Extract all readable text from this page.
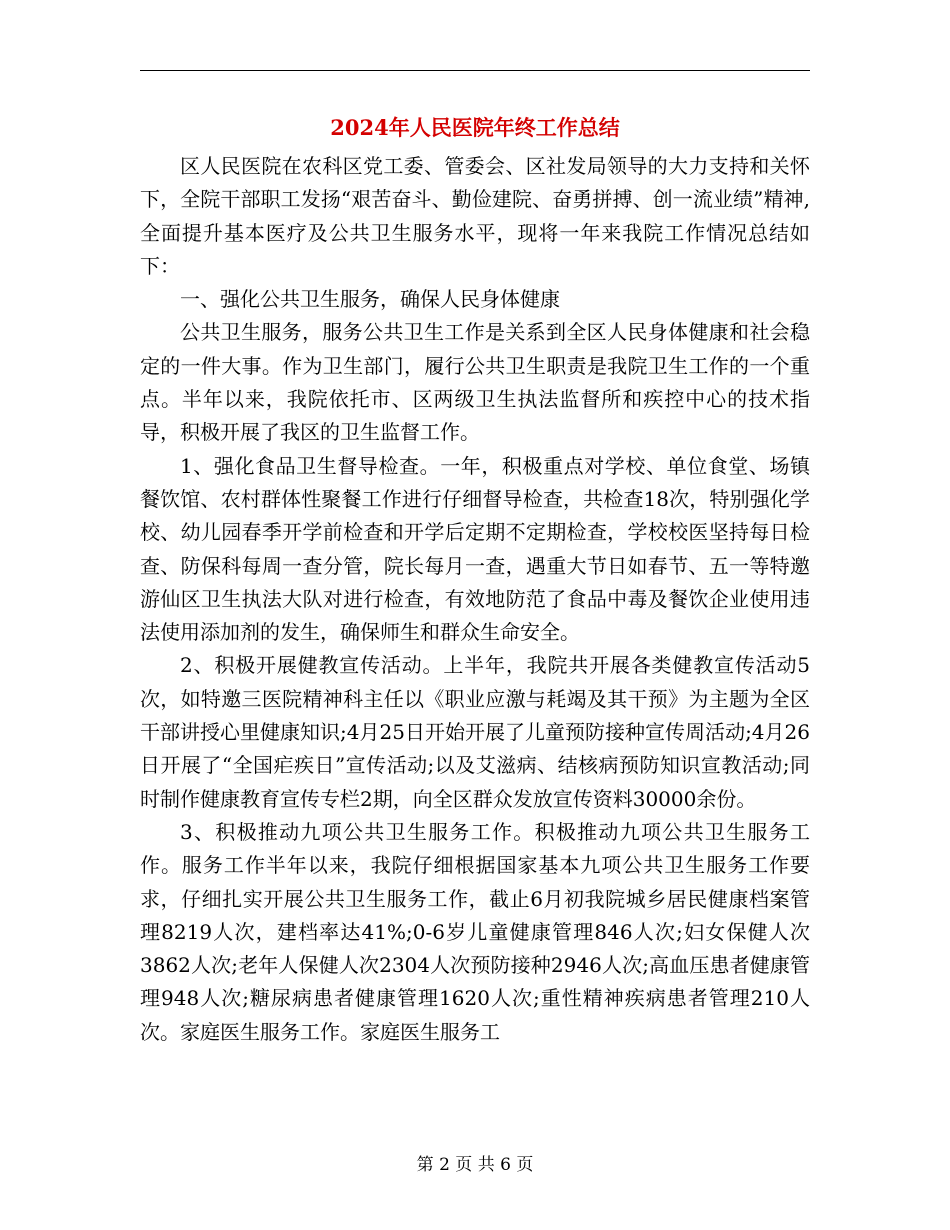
2024年人民医院年终工作总结

区人民医院在农科区党工委、管委会、区社发局领导的大力支持和关怀下，全院干部职工发扬“艰苦奋斗、勤俭建院、奋勇拼搏、创一流业绩”精神,全面提升基本医疗及公共卫生服务水平，现将一年来我院工作情况总结如下：

一、强化公共卫生服务，确保人民身体健康

公共卫生服务，服务公共卫生工作是关系到全区人民身体健康和社会稳定的一件大事。作为卫生部门，履行公共卫生职责是我院卫生工作的一个重点。半年以来，我院依托市、区两级卫生执法监督所和疾控中心的技术指导，积极开展了我区的卫生监督工作。

1、强化食品卫生督导检查。一年，积极重点对学校、单位食堂、场镇餐饮馆、农村群体性聚餐工作进行仔细督导检查，共检查18次，特别强化学校、幼儿园春季开学前检查和开学后定期不定期检查，学校校医坚持每日检查、防保科每周一查分管，院长每月一查，遇重大节日如春节、五一等特邀游仙区卫生执法大队对进行检查，有效地防范了食品中毒及餐饮企业使用违法使用添加剂的发生，确保师生和群众生命安全。

2、积极开展健教宣传活动。上半年，我院共开展各类健教宣传活动5次，如特邀三医院精神科主任以《职业应激与耗竭及其干预》为主题为全区干部讲授心里健康知识;4月25日开始开展了儿童预防接种宣传周活动;4月26日开展了“全国疟疾日”宣传活动;以及艾滋病、结核病预防知识宣教活动;同时制作健康教育宣传专栏2期，向全区群众发放宣传资料30000余份。

3、积极推动九项公共卫生服务工作。积极推动九项公共卫生服务工作。服务工作半年以来，我院仔细根据国家基本九项公共卫生服务工作要求，仔细扎实开展公共卫生服务工作，截止6月初我院城乡居民健康档案管理8219人次，建档率达41%;0-6岁儿童健康管理846人次;妇女保健人次3862人次;老年人保健人次2304人次预防接种2946人次;高血压患者健康管理948人次;糖尿病患者健康管理1620人次;重性精神疾病患者管理210人次。家庭医生服务工作。家庭医生服务工

第 2 页 共 6 页
